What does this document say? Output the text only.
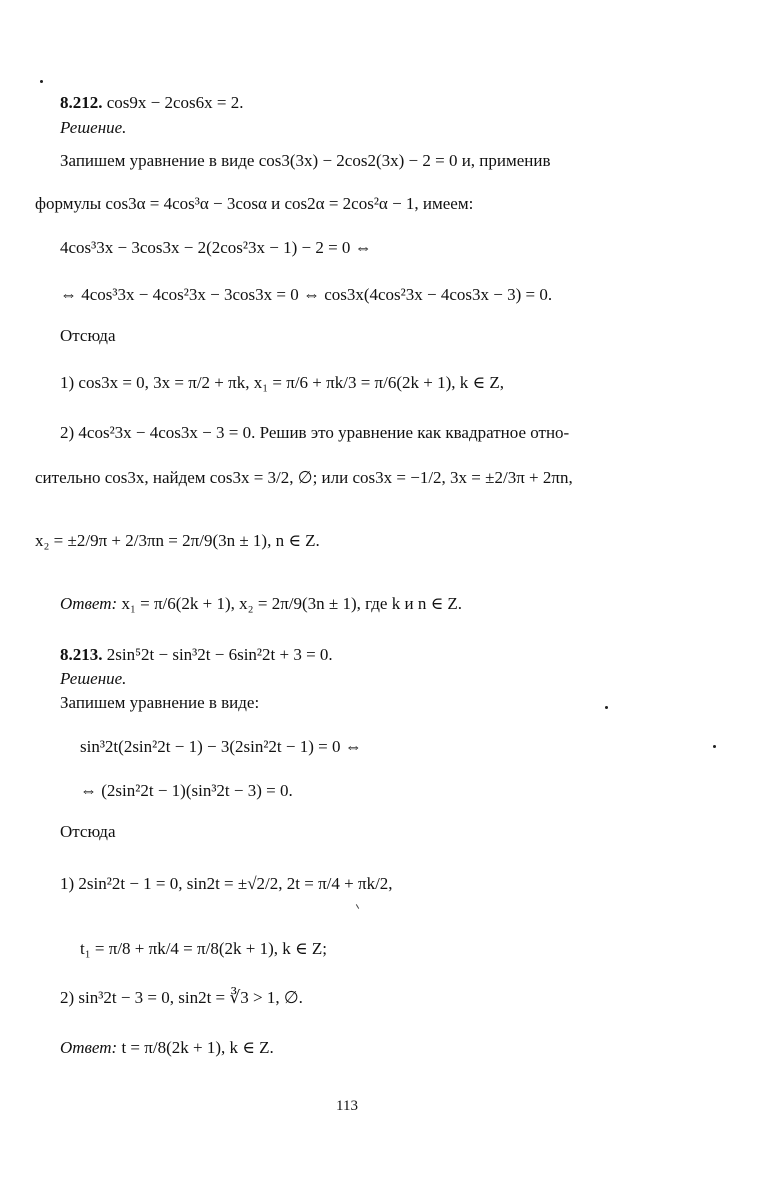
8.212. cos9x − 2cos6x = 2.
Решение.
Запишем уравнение в виде cos3(3x) − 2cos2(3x) − 2 = 0 и, применив
формулы cos3α = 4cos³α − 3cosα и cos2α = 2cos²α − 1, имеем:
4cos³3x − 3cos3x − 2(2cos²3x − 1) − 2 = 0 ⇔
⇔ 4cos³3x − 4cos²3x − 3cos3x = 0 ⇔ cos3x(4cos²3x − 4cos3x − 3) = 0.
Отсюда
1) cos3x = 0, 3x = π/2 + πk, x₁ = π/6 + πk/3 = π/6(2k + 1), k ∈ Z,
2) 4cos²3x − 4cos3x − 3 = 0. Решив это уравнение как квадратное отно-
сительно cos3x, найдем cos3x = 3/2, ∅; или cos3x = −1/2, 3x = ±2/3π + 2πn,
x₂ = ±2/9π + 2/3πn = 2π/9(3n ± 1), n ∈ Z.
Ответ: x₁ = π/6(2k + 1), x₂ = 2π/9(3n ± 1), где k и n ∈ Z.
8.213. 2sin⁵2t − sin³2t − 6sin²2t + 3 = 0.
Решение.
Запишем уравнение в виде:
sin³2t(2sin²2t − 1) − 3(2sin²2t − 1) = 0 ⇔
⇔ (2sin²2t − 1)(sin³2t − 3) = 0.
Отсюда
1) 2sin²2t − 1 = 0, sin2t = ±√2/2, 2t = π/4 + πk/2,
t₁ = π/8 + πk/4 = π/8(2k + 1), k ∈ Z;
2) sin³2t − 3 = 0, sin2t = ∛3 > 1, ∅.
Ответ: t = π/8(2k + 1), k ∈ Z.
113
